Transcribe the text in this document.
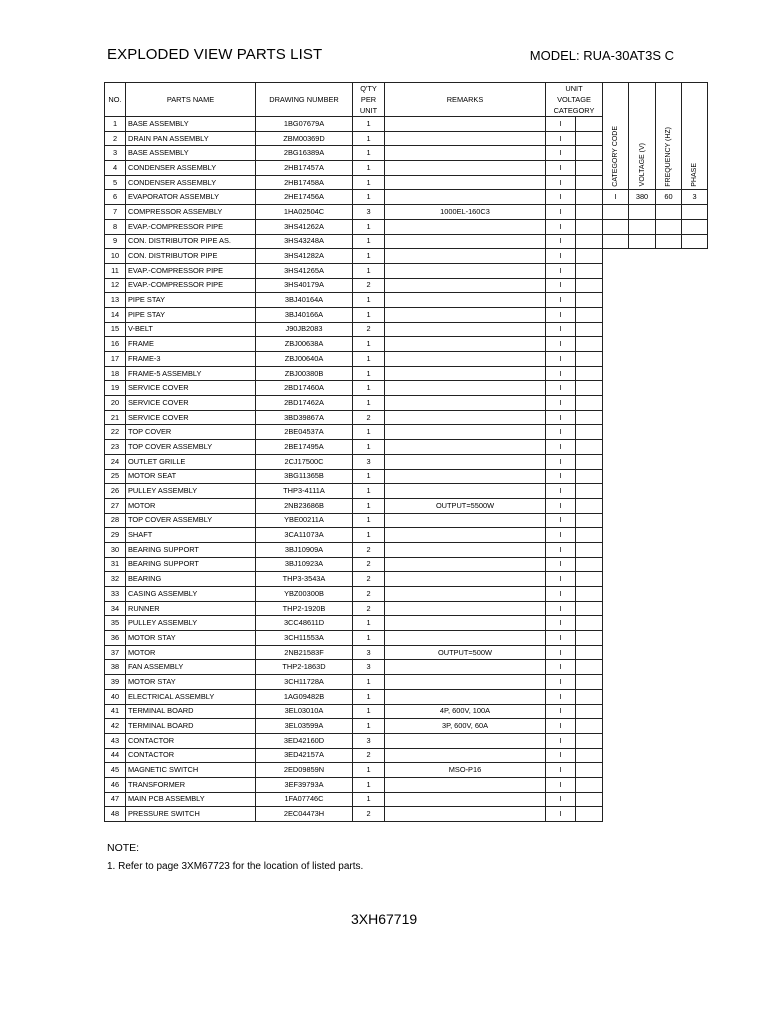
EXPLODED VIEW PARTS LIST	MODEL: RUA-30AT3S C
NO.	PARTS NAME	DRAWING NUMBER	Q'TY PER UNIT	REMARKS	UNIT VOLTAGE CATEGORY		CATEGORY CODE	VOLTAGE (V)	FREQUENCY (HZ)	PHASE
1	BASE ASSEMBLY	1BG07679A	1		I					
2	DRAIN PAN ASSEMBLY	ZBM00369D	1		I					
3	BASE ASSEMBLY	2BG16389A	1		I					
4	CONDENSER ASSEMBLY	2HB17457A	1		I					
5	CONDENSER ASSEMBLY	2HB17458A	1		I					
6	EVAPORATOR ASSEMBLY	2HE17456A	1		I		I	380	60	3
7	COMPRESSOR ASSEMBLY	1HA02504C	3	1000EL-160C3	I					
8	EVAP.-COMPRESSOR PIPE	3HS41262A	1		I					
9	CON. DISTRIBUTOR PIPE AS.	3HS43248A	1		I					
10	CON. DISTRIBUTOR PIPE	3HS41282A	1		I					
11	EVAP.-COMPRESSOR PIPE	3HS41265A	1		I					
12	EVAP.-COMPRESSOR PIPE	3HS40179A	2		I					
13	PIPE STAY	3BJ40164A	1		I					
14	PIPE STAY	3BJ40166A	1		I					
15	V-BELT	J90JB2083	2		I					
16	FRAME	ZBJ00638A	1		I					
17	FRAME-3	ZBJ00640A	1		I					
18	FRAME-5 ASSEMBLY	ZBJ00380B	1		I					
19	SERVICE COVER	2BD17460A	1		I					
20	SERVICE COVER	2BD17462A	1		I					
21	SERVICE COVER	3BD39867A	2		I					
22	TOP COVER	2BE04537A	1		I					
23	TOP COVER ASSEMBLY	2BE17495A	1		I					
24	OUTLET GRILLE	2CJ17500C	3		I					
25	MOTOR SEAT	3BG11365B	1		I					
26	PULLEY ASSEMBLY	THP3-4111A	1		I					
27	MOTOR	2NB23686B	1	OUTPUT=5500W	I					
28	TOP COVER ASSEMBLY	YBE00211A	1		I					
29	SHAFT	3CA11073A	1		I					
30	BEARING SUPPORT	3BJ10909A	2		I					
31	BEARING SUPPORT	3BJ10923A	2		I					
32	BEARING	THP3-3543A	2		I					
33	CASING ASSEMBLY	YBZ00300B	2		I					
34	RUNNER	THP2-1920B	2		I					
35	PULLEY ASSEMBLY	3CC48611D	1		I					
36	MOTOR STAY	3CH11553A	1		I					
37	MOTOR	2NB21583F	3	OUTPUT=500W	I					
38	FAN ASSEMBLY	THP2-1863D	3		I					
39	MOTOR STAY	3CH11728A	1		I					
40	ELECTRICAL ASSEMBLY	1AG09482B	1		I					
41	TERMINAL BOARD	3EL03010A	1	4P, 600V, 100A	I					
42	TERMINAL BOARD	3EL03599A	1	3P, 600V, 60A	I					
43	CONTACTOR	3ED42160D	3		I					
44	CONTACTOR	3ED42157A	2		I					
45	MAGNETIC SWITCH	2ED09859N	1	MSO-P16	I					
46	TRANSFORMER	3EF39793A	1		I					
47	MAIN PCB ASSEMBLY	1FA07746C	1		I					
48	PRESSURE SWITCH	2EC04473H	2		I					
NOTE:
1. Refer to page 3XM67723 for the location of listed parts.
3XH67719
